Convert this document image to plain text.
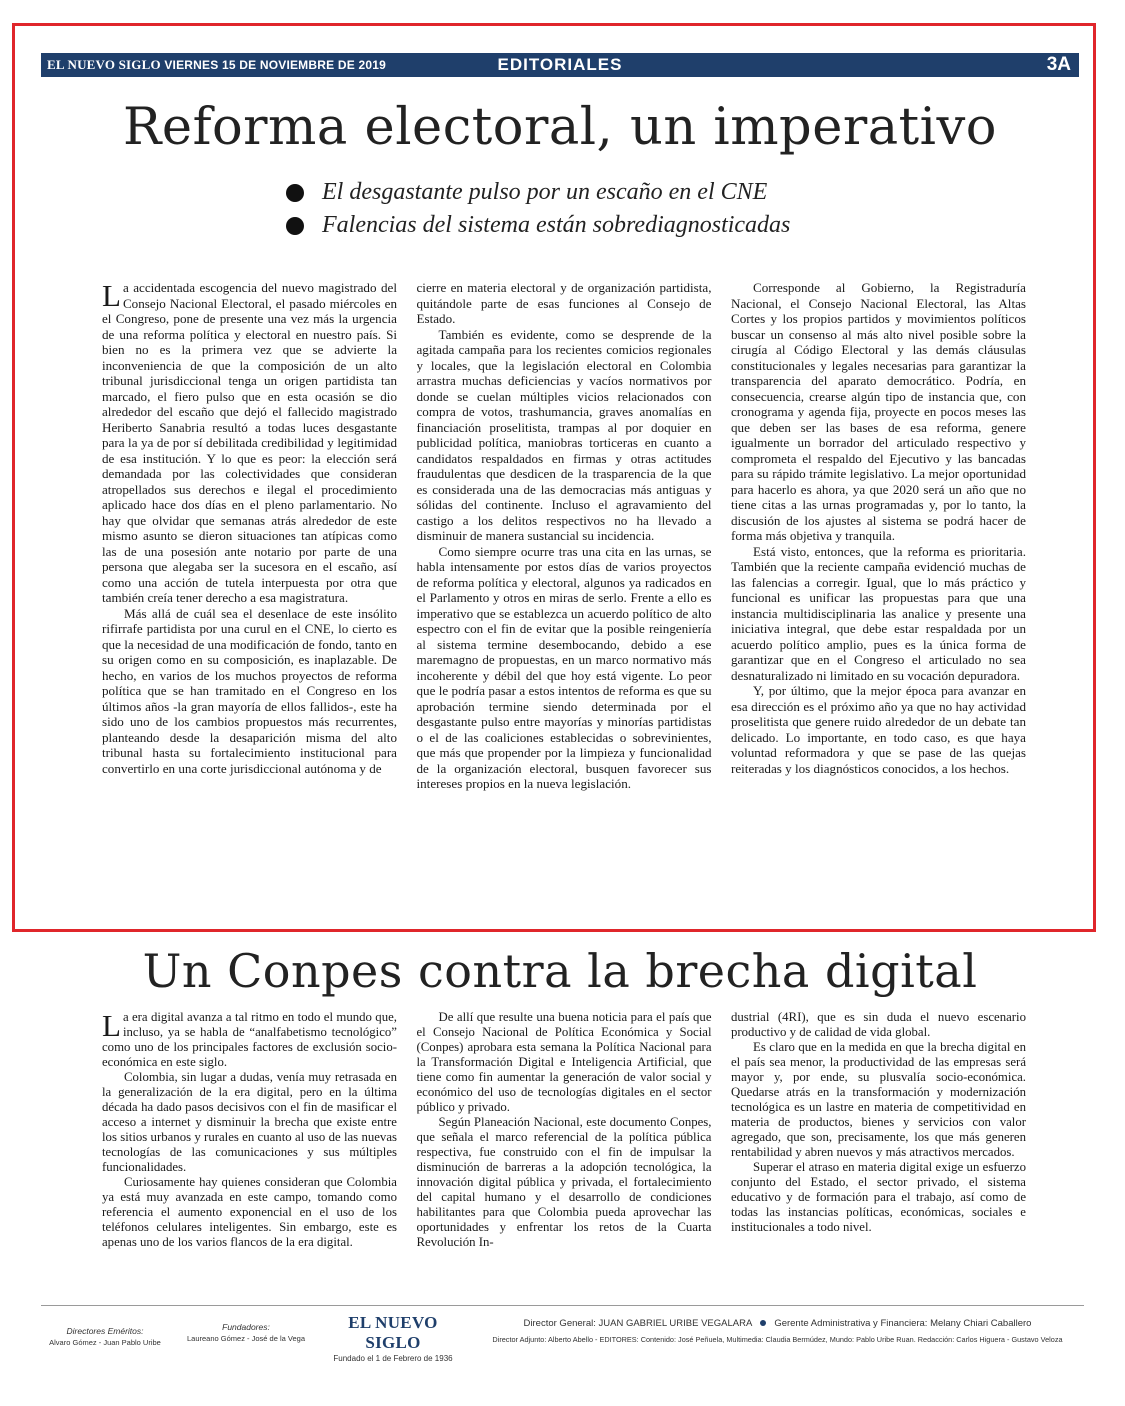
EL NUEVO SIGLO VIERNES 15 DE NOVIEMBRE DE 2019	EDITORIALES	3A
Reforma electoral, un imperativo
El desgastante pulso por un escaño en el CNE
Falencias del sistema están sobrediagnosticadas

La accidentada escogencia del nuevo magistrado del Consejo Nacional Electoral, el pasado miércoles en el Congreso, pone de presente una vez más la urgencia de una reforma política y electoral en nuestro país. Si bien no es la primera vez que se advierte la inconveniencia de que la composición de un alto tribunal jurisdiccional tenga un origen partidista tan marcado, el fiero pulso que en esta ocasión se dio alrededor del escaño que dejó el fallecido magistrado Heriberto Sanabria resultó a todas luces desgastante para la ya de por sí debilitada credibilidad y legitimidad de esa institución. Y lo que es peor: la elección será demandada por las colectividades que consideran atropellados sus derechos e ilegal el procedimiento aplicado hace dos días en el pleno parlamentario. No hay que olvidar que semanas atrás alrededor de este mismo asunto se dieron situaciones tan atípicas como las de una posesión ante notario por parte de una persona que alegaba ser la sucesora en el escaño, así como una acción de tutela interpuesta por otra que también creía tener derecho a esa magistratura.

Más allá de cuál sea el desenlace de este insólito rifirrafe partidista por una curul en el CNE, lo cierto es que la necesidad de una modificación de fondo, tanto en su origen como en su composición, es inaplazable. De hecho, en varios de los muchos proyectos de reforma política que se han tramitado en el Congreso en los últimos años -la gran mayoría de ellos fallidos-, este ha sido uno de los cambios propuestos más recurrentes, planteando desde la desaparición misma del alto tribunal hasta su fortalecimiento institucional para convertirlo en una corte jurisdiccional autónoma y de

cierre en materia electoral y de organización partidista, quitándole parte de esas funciones al Consejo de Estado.

También es evidente, como se desprende de la agitada campaña para los recientes comicios regionales y locales, que la legislación electoral en Colombia arrastra muchas deficiencias y vacíos normativos por donde se cuelan múltiples vicios relacionados con compra de votos, trashumancia, graves anomalías en financiación proselitista, trampas al por doquier en publicidad política, maniobras torticeras en cuanto a candidatos respaldados en firmas y otras actitudes fraudulentas que desdicen de la trasparencia de la que es considerada una de las democracias más antiguas y sólidas del continente. Incluso el agravamiento del castigo a los delitos respectivos no ha llevado a disminuir de manera sustancial su incidencia.

Como siempre ocurre tras una cita en las urnas, se habla intensamente por estos días de varios proyectos de reforma política y electoral, algunos ya radicados en el Parlamento y otros en miras de serlo. Frente a ello es imperativo que se establezca un acuerdo político de alto espectro con el fin de evitar que la posible reingeniería al sistema termine desembocando, debido a ese maremagno de propuestas, en un marco normativo más incoherente y débil del que hoy está vigente. Lo peor que le podría pasar a estos intentos de reforma es que su aprobación termine siendo determinada por el desgastante pulso entre mayorías y minorías partidistas o el de las coaliciones establecidas o sobrevinientes, que más que propender por la limpieza y funcionalidad de la organización electoral, busquen favorecer sus intereses propios en la nueva legislación.

Corresponde al Gobierno, la Registraduría Nacional, el Consejo Nacional Electoral, las Altas Cortes y los propios partidos y movimientos políticos buscar un consenso al más alto nivel posible sobre la cirugía al Código Electoral y las demás cláusulas constitucionales y legales necesarias para garantizar la transparencia del aparato democrático. Podría, en consecuencia, crearse algún tipo de instancia que, con cronograma y agenda fija, proyecte en pocos meses las que deben ser las bases de esa reforma, genere igualmente un borrador del articulado respectivo y comprometa el respaldo del Ejecutivo y las bancadas para su rápido trámite legislativo. La mejor oportunidad para hacerlo es ahora, ya que 2020 será un año que no tiene citas a las urnas programadas y, por lo tanto, la discusión de los ajustes al sistema se podrá hacer de forma más objetiva y tranquila.

Está visto, entonces, que la reforma es prioritaria. También que la reciente campaña evidenció muchas de las falencias a corregir. Igual, que lo más práctico y funcional es unificar las propuestas para que una instancia multidisciplinaria las analice y presente una iniciativa integral, que debe estar respaldada por un acuerdo político amplio, pues es la única forma de garantizar que en el Congreso el articulado no sea desnaturalizado ni limitado en su vocación depuradora.

Y, por último, que la mejor época para avanzar en esa dirección es el próximo año ya que no hay actividad proselitista que genere ruido alrededor de un debate tan delicado. Lo importante, en todo caso, es que haya voluntad reformadora y que se pase de las quejas reiteradas y los diagnósticos conocidos, a los hechos.

Un Conpes contra la brecha digital

La era digital avanza a tal ritmo en todo el mundo que, incluso, ya se habla de “analfabetismo tecnológico” como uno de los principales factores de exclusión socio-económica en este siglo.

Colombia, sin lugar a dudas, venía muy retrasada en la generalización de la era digital, pero en la última década ha dado pasos decisivos con el fin de masificar el acceso a internet y disminuir la brecha que existe entre los sitios urbanos y rurales en cuanto al uso de las nuevas tecnologías de las comunicaciones y sus múltiples funcionalidades.

Curiosamente hay quienes consideran que Colombia ya está muy avanzada en este campo, tomando como referencia el aumento exponencial en el uso de los teléfonos celulares inteligentes. Sin embargo, este es apenas uno de los varios flancos de la era digital.

De allí que resulte una buena noticia para el país que el Consejo Nacional de Política Económica y Social (Conpes) aprobara esta semana la Política Nacional para la Transformación Digital e Inteligencia Artificial, que tiene como fin aumentar la generación de valor social y económico del uso de tecnologías digitales en el sector público y privado.

Según Planeación Nacional, este documento Conpes, que señala el marco referencial de la política pública respectiva, fue construido con el fin de impulsar la disminución de barreras a la adopción tecnológica, la innovación digital pública y privada, el fortalecimiento del capital humano y el desarrollo de condiciones habilitantes para que Colombia pueda aprovechar las oportunidades y enfrentar los retos de la Cuarta Revolución In-

dustrial (4RI), que es sin duda el nuevo escenario productivo y de calidad de vida global.

Es claro que en la medida en que la brecha digital en el país sea menor, la productividad de las empresas será mayor y, por ende, su plusvalía socio-económica. Quedarse atrás en la transformación y modernización tecnológica es un lastre en materia de competitividad en materia de productos, bienes y servicios con valor agregado, que son, precisamente, los que más generen rentabilidad y abren nuevos y más atractivos mercados.

Superar el atraso en materia digital exige un esfuerzo conjunto del Estado, el sector privado, el sistema educativo y de formación para el trabajo, así como de todas las instancias políticas, económicas, sociales e institucionales a todo nivel.

Directores Eméritos:
Alvaro Gómez - Juan Pablo Uribe
Fundadores:
Laureano Gómez - José de la Vega
EL NUEVO SIGLO
Fundado el 1 de Febrero de 1936
Director General: JUAN GABRIEL URIBE VEGALARA Gerente Administrativa y Financiera: Melany Chiari Caballero
Director Adjunto: Alberto Abello - EDITORES: Contenido: José Peñuela, Multimedia: Claudia Bermúdez, Mundo: Pablo Uribe Ruan. Redacción: Carlos Higuera - Gustavo Veloza
